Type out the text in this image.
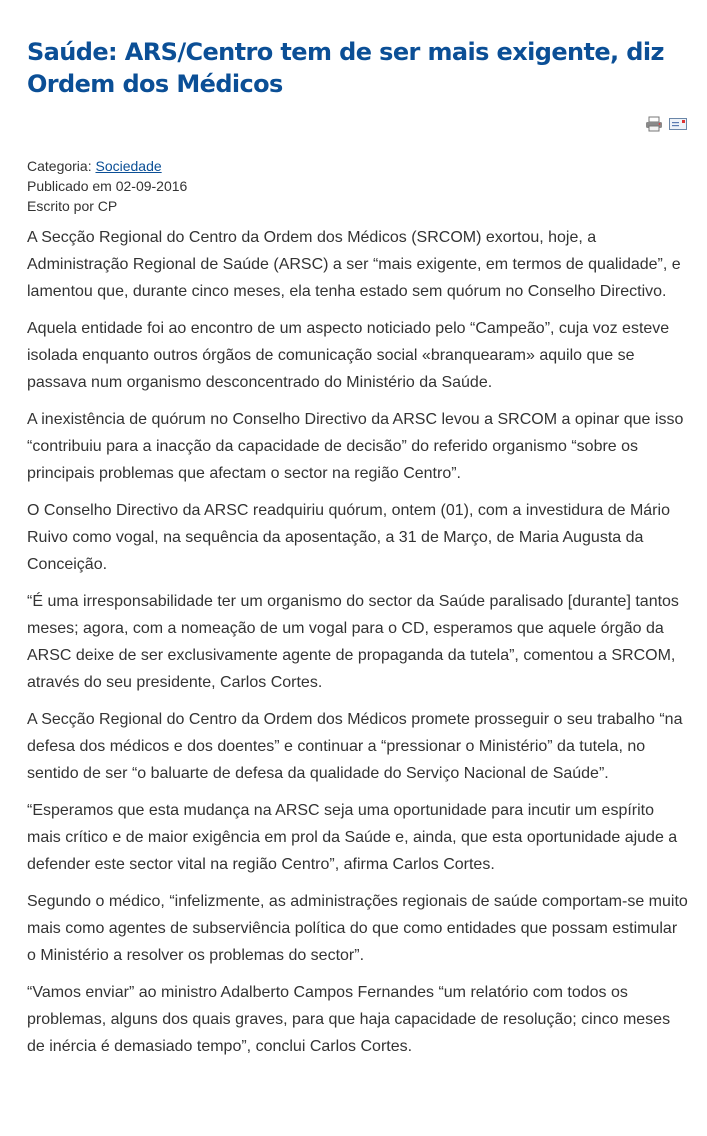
Saúde: ARS/Centro tem de ser mais exigente, diz Ordem dos Médicos
Categoria: Sociedade
Publicado em 02-09-2016
Escrito por CP

A Secção Regional do Centro da Ordem dos Médicos (SRCOM) exortou, hoje, a Administração Regional de Saúde (ARSC) a ser “mais exigente, em termos de qualidade”, e lamentou que, durante cinco meses, ela tenha estado sem quórum no Conselho Directivo.

Aquela entidade foi ao encontro de um aspecto noticiado pelo “Campeão”, cuja voz esteve isolada enquanto outros órgãos de comunicação social «branquearam» aquilo que se passava num organismo desconcentrado do Ministério da Saúde.

A inexistência de quórum no Conselho Directivo da ARSC levou a SRCOM a opinar que isso “contribuiu para a inacção da capacidade de decisão” do referido organismo “sobre os principais problemas que afectam o sector na região Centro”.

O Conselho Directivo da ARSC readquiriu quórum, ontem (01), com a investidura de Mário Ruivo como vogal, na sequência da aposentação, a 31 de Março, de Maria Augusta da Conceição.

“É uma irresponsabilidade ter um organismo do sector da Saúde paralisado [durante] tantos meses; agora, com a nomeação de um vogal para o CD, esperamos que aquele órgão da ARSC deixe de ser exclusivamente agente de propaganda da tutela”, comentou a SRCOM, através do seu presidente, Carlos Cortes.

A Secção Regional do Centro da Ordem dos Médicos promete prosseguir o seu trabalho “na defesa dos médicos e dos doentes” e continuar a “pressionar o Ministério” da tutela, no sentido de ser “o baluarte de defesa da qualidade do Serviço Nacional de Saúde”.

“Esperamos que esta mudança na ARSC seja uma oportunidade para incutir um espírito mais crítico e de maior exigência em prol da Saúde e, ainda, que esta oportunidade ajude a defender este sector vital na região Centro”, afirma Carlos Cortes.

Segundo o médico, “infelizmente, as administrações regionais de saúde comportam-se muito mais como agentes de subserviência política do que como entidades que possam estimular o Ministério a resolver os problemas do sector”.

“Vamos enviar” ao ministro Adalberto Campos Fernandes “um relatório com todos os problemas, alguns dos quais graves, para que haja capacidade de resolução; cinco meses de inércia é demasiado tempo”, conclui Carlos Cortes.
